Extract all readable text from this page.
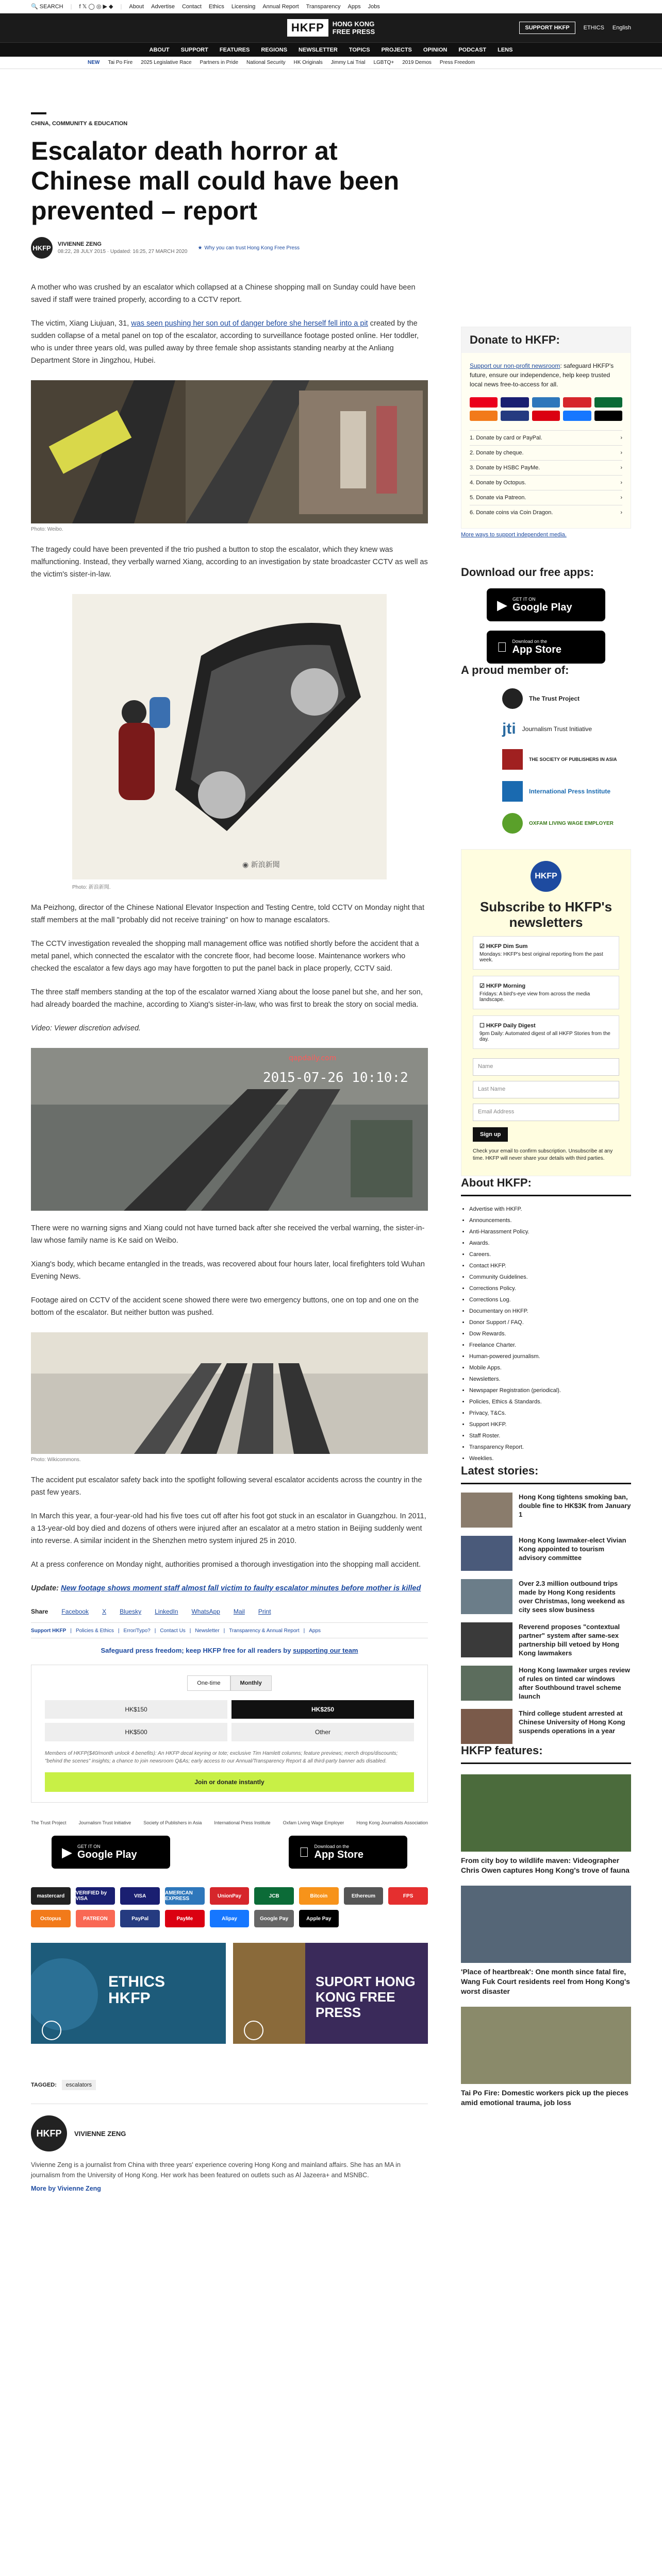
🔍 SEARCH | f 𝕏 ◯ ◎ ▶ ◆ | About Advertise Contact Ethics Licensing Annual Report Transparency Apps Jobs
HKFP	HONG KONG
FREE PRESS	SUPPORT HKFP	ETHICS English
ABOUT SUPPORT FEATURES REGIONS NEWSLETTER TOPICS PROJECTS OPINION PODCAST LENS
NEW Tai Po Fire 2025 Legislative Race Partners in Pride National Security HK Originals Jimmy Lai Trial LGBTQ+ 2019 Demos Press Freedom
CHINA, COMMUNITY & EDUCATION
Escalator death horror at Chinese mall could have been prevented – report
HKFP	VIVIENNE ZENG
08:22, 28 JULY 2015 · Updated: 16:25, 27 MARCH 2020
★ Why you can trust Hong Kong Free Press

A mother who was crushed by an escalator which collapsed at a Chinese shopping mall on Sunday could have been saved if staff were trained properly, according to a CCTV report.

The victim, Xiang Liujuan, 31, was seen pushing her son out of danger before she herself fell into a pit created by the sudden collapse of a metal panel on top of the escalator, according to surveillance footage posted online. Her toddler, who is under three years old, was pulled away by three female shop assistants standing nearby at the Anliang Department Store in Jingzhou, Hubei.

Photo: Weibo.

The tragedy could have been prevented if the trio pushed a button to stop the escalator, which they knew was malfunctioning. Instead, they verbally warned Xiang, according to an investigation by state broadcaster CCTV as well as the victim's sister-in-law.

◉ 新浪新聞
Photo: 新浪新聞.

Ma Peizhong, director of the Chinese National Elevator Inspection and Testing Centre, told CCTV on Monday night that staff members at the mall "probably did not receive training" on how to manage escalators.

The CCTV investigation revealed the shopping mall management office was notified shortly before the accident that a metal panel, which connected the escalator with the concrete floor, had become loose. Maintenance workers who checked the escalator a few days ago may have forgotten to put the panel back in place properly, CCTV said.

The three staff members standing at the top of the escalator warned Xiang about the loose panel but she, and her son, had already boarded the machine, according to Xiang's sister-in-law, who was first to break the story on social media.

Video: Viewer discretion advised.

qapdaily.com
2015-07-26 10:10:2

There were no warning signs and Xiang could not have turned back after she received the verbal warning, the sister-in-law whose family name is Ke said on Weibo.

Xiang's body, which became entangled in the treads, was recovered about four hours later, local firefighters told Wuhan Evening News.

Footage aired on CCTV of the accident scene showed there were two emergency buttons, one on top and one on the bottom of the escalator. But neither button was pushed.

Photo: Wikicommons.

The accident put escalator safety back into the spotlight following several escalator accidents across the country in the past few years.

In March this year, a four-year-old had his five toes cut off after his foot got stuck in an escalator in Guangzhou. In 2011, a 13-year-old boy died and dozens of others were injured after an escalator at a metro station in Beijing suddenly went into reverse. A similar incident in the Shenzhen metro system injured 25 in 2010.

At a press conference on Monday night, authorities promised a thorough investigation into the shopping mall accident.

Update: New footage shows moment staff almost fall victim to faulty escalator minutes before mother is killed

Share Facebook X Bluesky LinkedIn WhatsApp Mail Print
Support HKFP | Policies & Ethics | Error/Typo? | Contact Us | Newsletter | Transparency & Annual Report | Apps
Safeguard press freedom; keep HKFP free for all readers by supporting our team
One-time	Monthly
HK$150	HK$250
HK$500	Other
Members of HKFP($40/month unlock 4 benefits): An HKFP decal keyring or tote; exclusive Tim Hamlett columns; feature previews; merch drops/discounts; "behind the scenes" insights; a chance to join newsroom Q&As; early access to our Annual/Transparency Report & all third-party banner ads disabled.
Join or donate instantly
The Trust Project	Journalism Trust Initiative	Society of Publishers in Asia	International Press Institute	Oxfam Living Wage Employer	Hong Kong Journalists Association
▶ GET IT ON
Google Play
Download on the
App Store
mastercard	VERIFIED by VISA	VISA	AMERICAN EXPRESS	UnionPay	JCB	Bitcoin	Ethereum	FPS
Octopus	PATREON	PayPal	PayMe	Alipay	Google Pay	Apple Pay
ETHICS
HKFP
SUPORT HONG
KONG FREE PRESS
TAGGED:	escalators
HKFP	VIVIENNE ZENG

Vivienne Zeng is a journalist from China with three years' experience covering Hong Kong and mainland affairs. She has an MA in journalism from the University of Hong Kong. Her work has been featured on outlets such as Al Jazeera+ and MSNBC.

More by Vivienne Zeng

Donate to HKFP:
Support our non-profit newsroom: safeguard HKFP's future, ensure our independence, help keep trusted local news free-to-access for all.
1. Donate by card or PayPal.	›
2. Donate by cheque.	›
3. Donate by HSBC PayMe.	›
4. Donate by Octopus.	›
5. Donate via Patreon.	›
6. Donate coins via Coin Dragon.	›
More ways to support independent media.
Download our free apps:
▶ GET IT ON
Google Play
Download on the
App Store
A proud member of:
The Trust Project
jti Journalism Trust Initiative
THE SOCIETY OF PUBLISHERS IN ASIA
International Press Institute
OXFAM LIVING WAGE EMPLOYER
HKFP
Subscribe to HKFP's newsletters
☑ HKFP Dim Sum
Mondays: HKFP's best original reporting from the past week.
☑ HKFP Morning
Fridays: A bird's-eye view from across the media landscape.
☐ HKFP Daily Digest
9pm Daily: Automated digest of all HKFP Stories from the day.
Name
Last Name
Email Address
Sign up
Check your email to confirm subscription. Unsubscribe at any time. HKFP will never share your details with third parties.
About HKFP:
• Advertise with HKFP.
• Announcements.
• Anti-Harassment Policy.
• Awards.
• Careers.
• Contact HKFP.
• Community Guidelines.
• Corrections Policy.
• Corrections Log.
• Documentary on HKFP.
• Donor Support / FAQ.
• Dow Rewards.
• Freelance Charter.
• Human-powered journalism.
• Mobile Apps.
• Newsletters.
• Newspaper Registration (periodical).
• Policies, Ethics & Standards.
• Privacy, T&Cs.
• Support HKFP.
• Staff Roster.
• Transparency Report.
• Weeklies.
Latest stories:
Hong Kong tightens smoking ban, double fine to HK$3K from January 1
Hong Kong lawmaker-elect Vivian Kong appointed to tourism advisory committee
Over 2.3 million outbound trips made by Hong Kong residents over Christmas, long weekend as city sees slow business
Reverend proposes "contextual partner" system after same-sex partnership bill vetoed by Hong Kong lawmakers
Hong Kong lawmaker urges review of rules on tinted car windows after Southbound travel scheme launch
Third college student arrested at Chinese University of Hong Kong suspends operations in a year
HKFP features:
From city boy to wildlife maven: Videographer Chris Owen captures Hong Kong's trove of fauna
'Place of heartbreak': One month since fatal fire, Wang Fuk Court residents reel from Hong Kong's worst disaster
Tai Po Fire: Domestic workers pick up the pieces amid emotional trauma, job loss
